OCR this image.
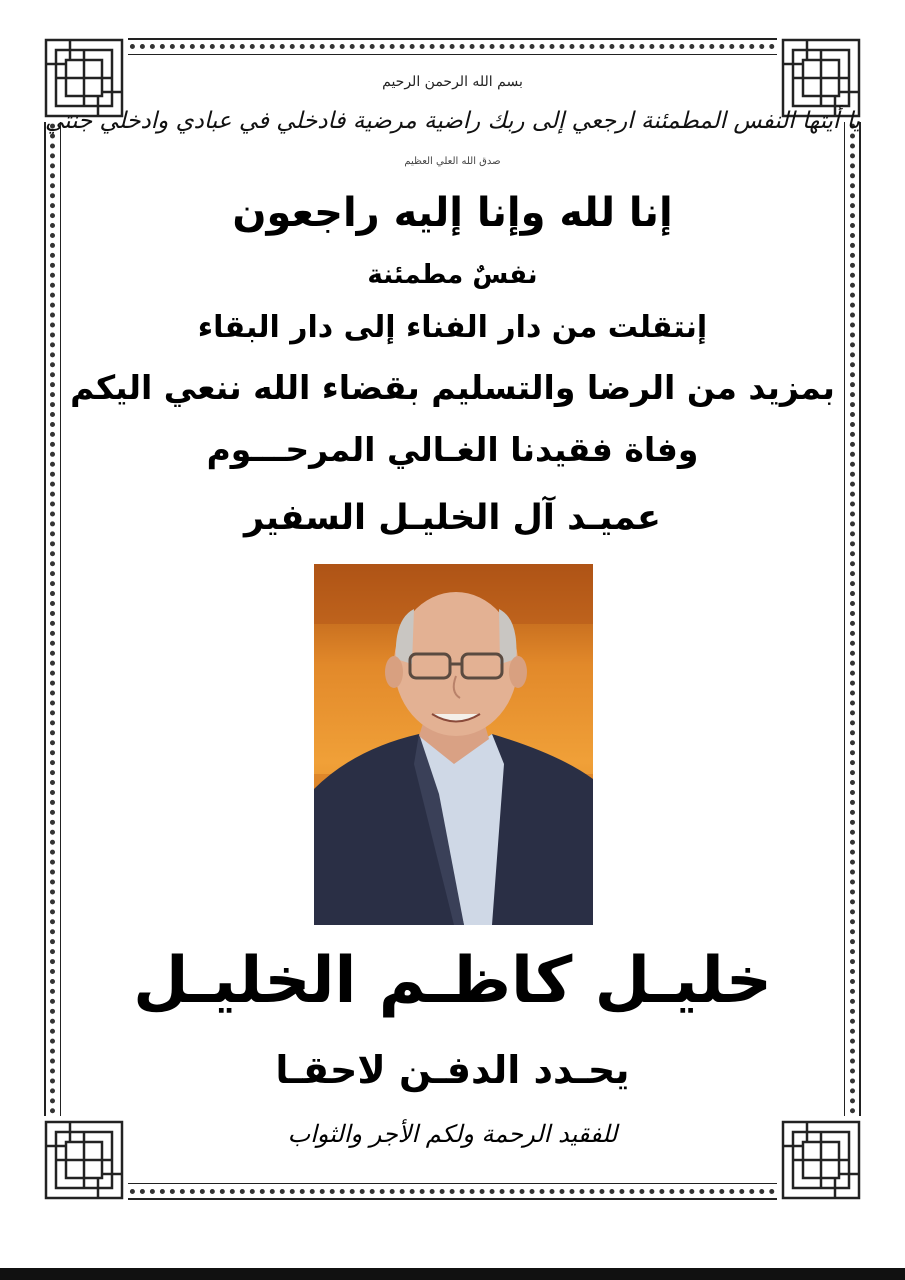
بسم الله الرحمن الرحيم
يا أيتها النفس المطمئنة ارجعي إلى ربك راضية مرضية فادخلي في عبادي وادخلي جنتي
صدق الله العلي العظيم
إنا لله وإنا إليه راجعون
نفسٌ مطمئنة
إنتقلت من دار الفناء إلى دار البقاء
بمزيد من الرضا والتسليم بقضاء الله ننعي اليكم
وفاة فقيدنا الغـالي المرحـــوم
عميـد آل الخليـل السفير
خليـل كاظـم الخليـل
يحـدد الدفـن لاحقـا
للفقيد الرحمة ولكم الأجر والثواب
